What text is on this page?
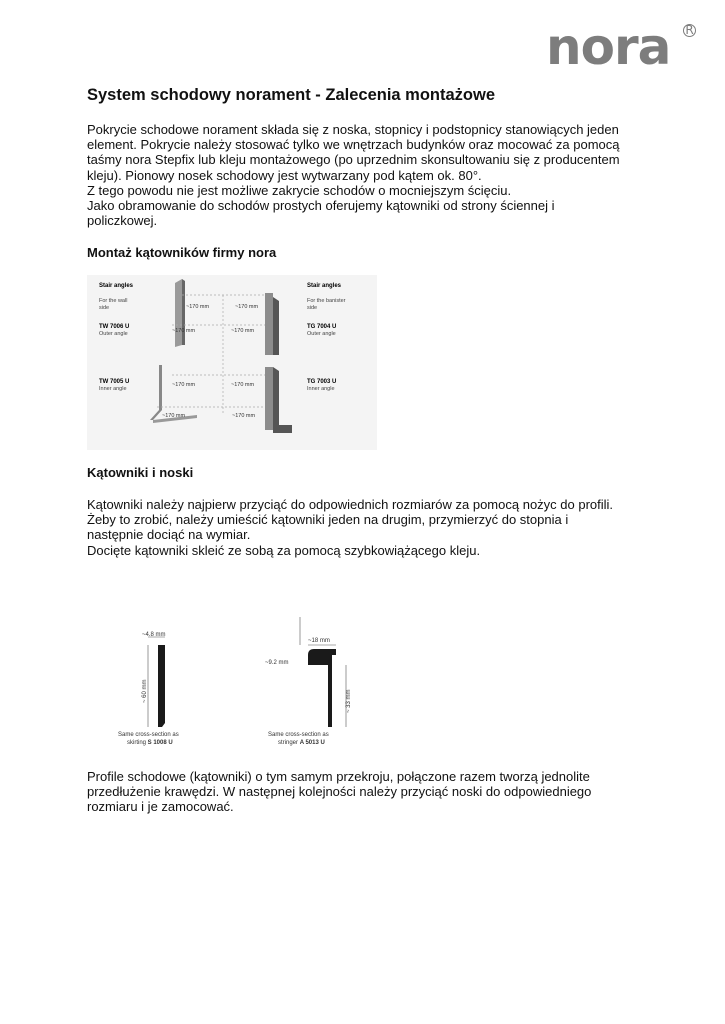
nora R
System schodowy norament - Zalecenia montażowe

Pokrycie schodowe norament składa się z noska, stopnicy i podstopnicy stanowiących jeden

element. Pokrycie należy stosować tylko we wnętrzach budynków oraz mocować za pomocą

taśmy nora Stepfix lub kleju montażowego (po uprzednim skonsultowaniu się z producentem

kleju). Pionowy nosek schodowy jest wytwarzany pod kątem ok. 80°.

Z tego powodu nie jest możliwe zakrycie schodów o mocniejszym ścięciu.

Jako obramowanie do schodów prostych oferujemy kątowniki od strony ściennej i

policzkowej.

Montaż kątowników firmy nora
Stair angles
For the wall
side
TW 7006 U
Outer angle
TW 7005 U
Inner angle
Stair angles
For the banister
side
TG 7004 U
Outer angle
TG 7003 U
Inner angle
~170 mm	~170 mm
~170 mm	~170 mm
~170 mm	~170 mm
~170 mm	~170 mm
Kątowniki i noski

Kątowniki należy najpierw przyciąć do odpowiednich rozmiarów za pomocą nożyc do profili.

Żeby to zrobić, należy umieścić kątowniki jeden na drugim, przymierzyć do stopnia i

następnie dociąć na wymiar.

Docięte kątowniki skleić ze sobą za pomocą szybkowiążącego kleju.

~4.8 mm
~ 60 mm
Same cross-section as
skirting S 1008 U
~18 mm
~9.2 mm
~ 33 mm
Same cross-section as
stringer A 5013 U

Profile schodowe (kątowniki) o tym samym przekroju, połączone razem tworzą jednolite

przedłużenie krawędzi. W następnej kolejności należy przyciąć noski do odpowiedniego

rozmiaru i je zamocować.
